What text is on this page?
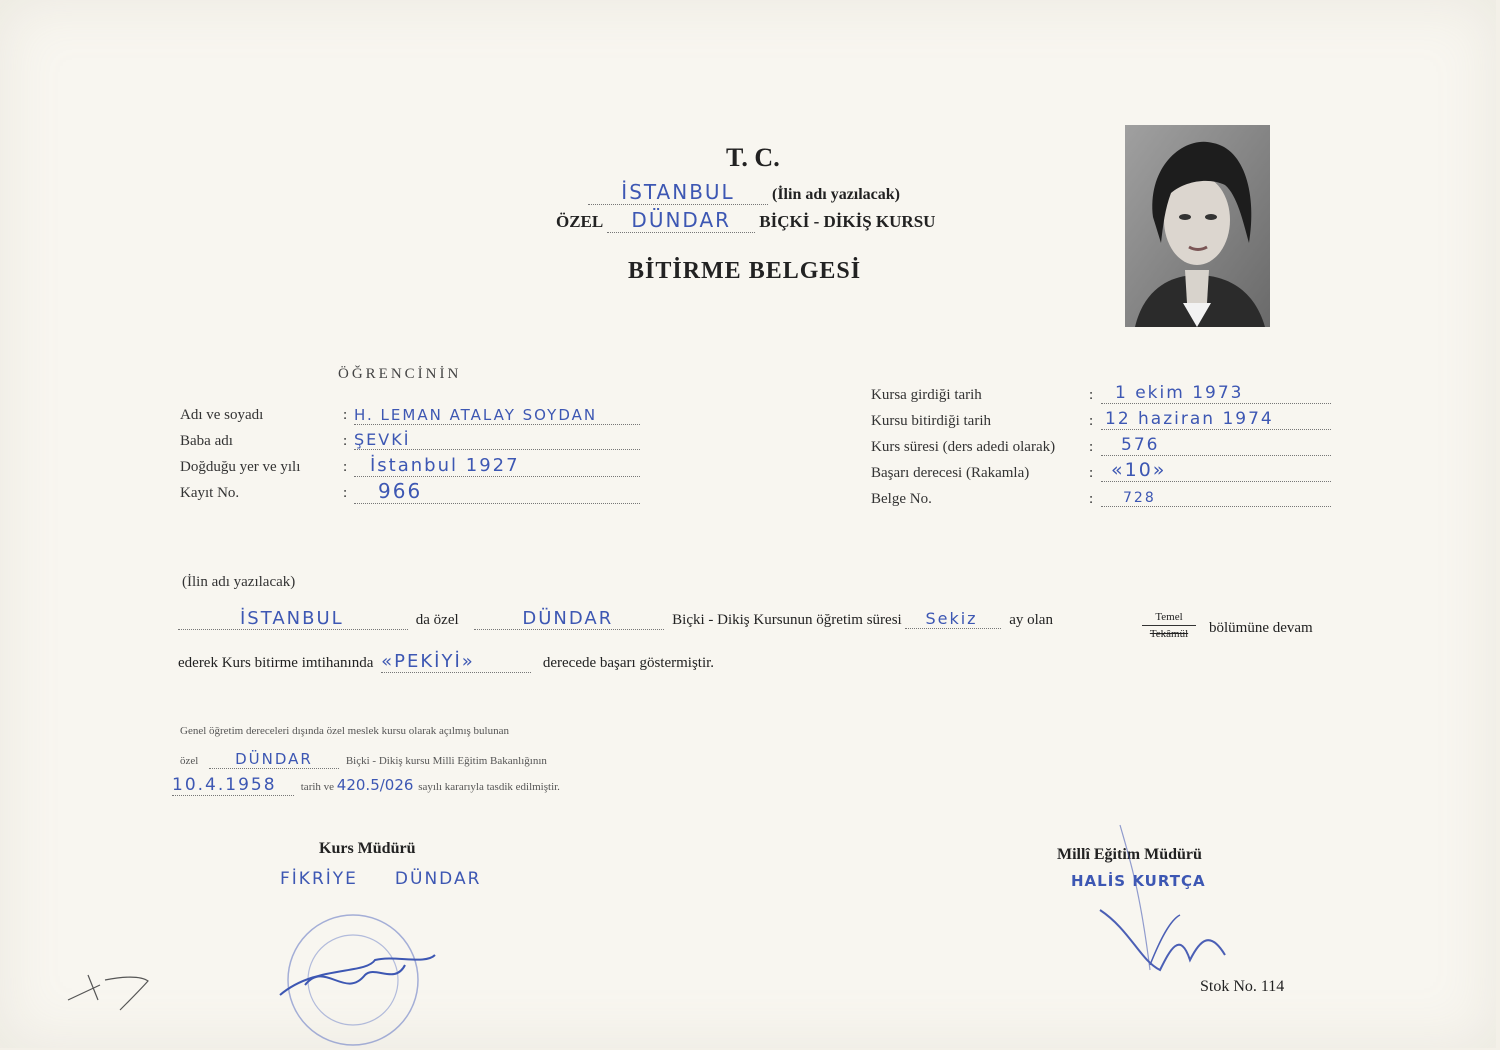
T. C.
İSTANBUL (İlin adı yazılacak)
ÖZEL DÜNDAR BİÇKİ - DİKİŞ KURSU
BİTİRME BELGESİ
ÖĞRENCİNİN
Adı ve soyadı	: H. LEMAN ATALAY SOYDAN
Baba adı	: ŞEVKİ
Doğduğu yer ve yılı	:	İstanbul 1927
Kayıt No.	:	966
Kursa girdiği tarih	:	1 ekim 1973
Kursu bitirdiği tarih	: 12 haziran 1974
Kurs süresi (ders adedi olarak) :	576
Başarı derecesi (Rakamla)	: «10»
Belge No.	:	728
(İlin adı yazılacak)
İSTANBUL	da özel	DÜNDAR	Biçki - Dikiş Kursunun öğretim süresi Sekiz ay olan	Temel
Tekâmül	bölümüne devam
ederek Kurs bitirme imtihanında «PEKİYİ»	derecede başarı göstermiştir.
Genel öğretim dereceleri dışında özel meslek kursu olarak açılmış bulunan
özel DÜNDAR	Biçki - Dikiş kursu Milli Eğitim Bakanlığının
10.4.1958 tarih ve 420.5/026 sayılı kararıyla tasdik edilmiştir.
Kurs Müdürü
FİKRİYE     DÜNDAR
Millî Eğitim Müdürü
HALİS KURTÇA
Stok No. 114
